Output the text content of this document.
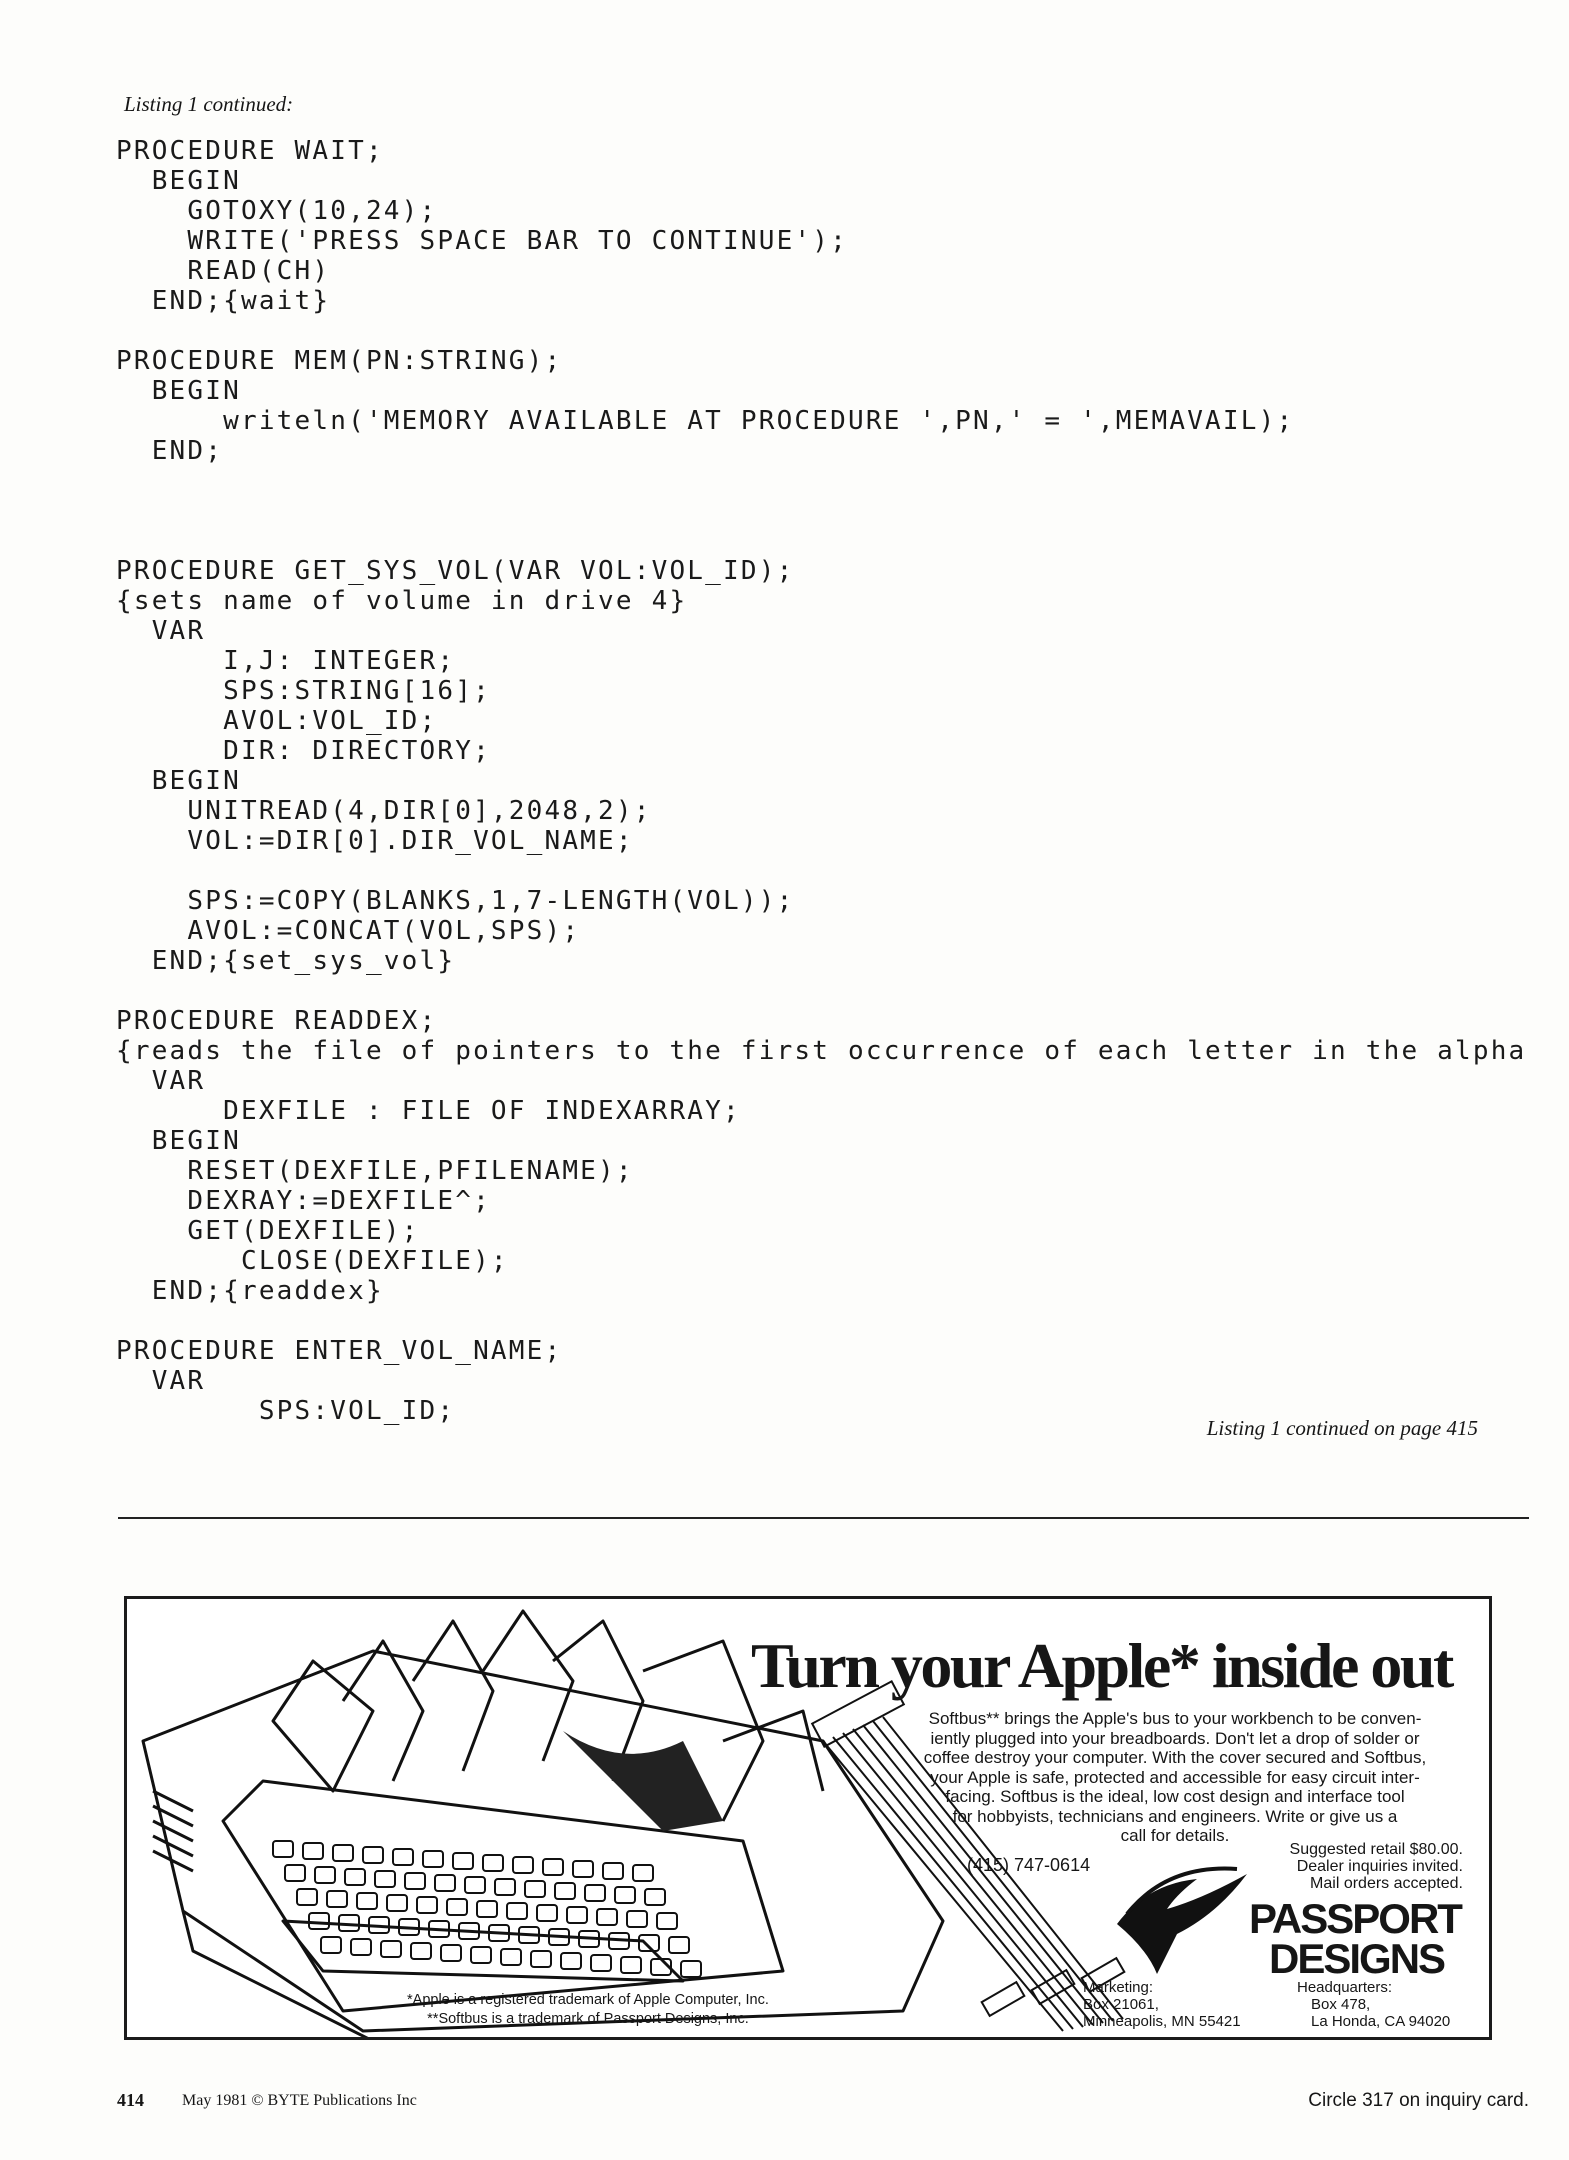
Listing 1 continued:
PROCEDURE WAIT;
BEGIN
GOTOXY(10,24);
WRITE('PRESS SPACE BAR TO CONTINUE');
READ(CH)
END;{wait}
PROCEDURE MEM(PN:STRING);
BEGIN
writeln('MEMORY AVAILABLE AT PROCEDURE ',PN,' = ',MEMAVAIL);
END;
PROCEDURE GET_SYS_VOL(VAR VOL:VOL_ID);
{sets name of volume in drive 4}
VAR
I,J: INTEGER;
SPS:STRING[16];
AVOL:VOL_ID;
DIR: DIRECTORY;
BEGIN
UNITREAD(4,DIR[0],2048,2);
VOL:=DIR[0].DIR_VOL_NAME;
SPS:=COPY(BLANKS,1,7-LENGTH(VOL));
AVOL:=CONCAT(VOL,SPS);
END;{set_sys_vol}
PROCEDURE READDEX;
{reads the file of pointers to the first occurrence of each letter in the alpha
VAR
DEXFILE : FILE OF INDEXARRAY;
BEGIN
RESET(DEXFILE,PFILENAME);
DEXRAY:=DEXFILE^;
GET(DEXFILE);
CLOSE(DEXFILE);
END;{readdex}
PROCEDURE ENTER_VOL_NAME;
VAR
SPS:VOL_ID;
Listing 1 continued on page 415
Turn your Apple* inside out
Softbus** brings the Apple's bus to your workbench to be conven-
iently plugged into your breadboards. Don't let a drop of solder or
coffee destroy your computer. With the cover secured and Softbus,
your Apple is safe, protected and accessible for easy circuit inter-
facing. Softbus is the ideal, low cost design and interface tool
for hobbyists, technicians and engineers. Write or give us a
call for details.
(415) 747-0614
Suggested retail $80.00.
Dealer inquiries invited.
Mail orders accepted.
PASSPORT
DESIGNS
Marketing:
Box 21061,
Minneapolis, MN 55421
Headquarters:
Box 478,
La Honda, CA 94020
*Apple is a registered trademark of Apple Computer, Inc.
**Softbus is a trademark of Passport Designs, Inc.
414 May 1981 © BYTE Publications Inc	Circle 317 on inquiry card.
